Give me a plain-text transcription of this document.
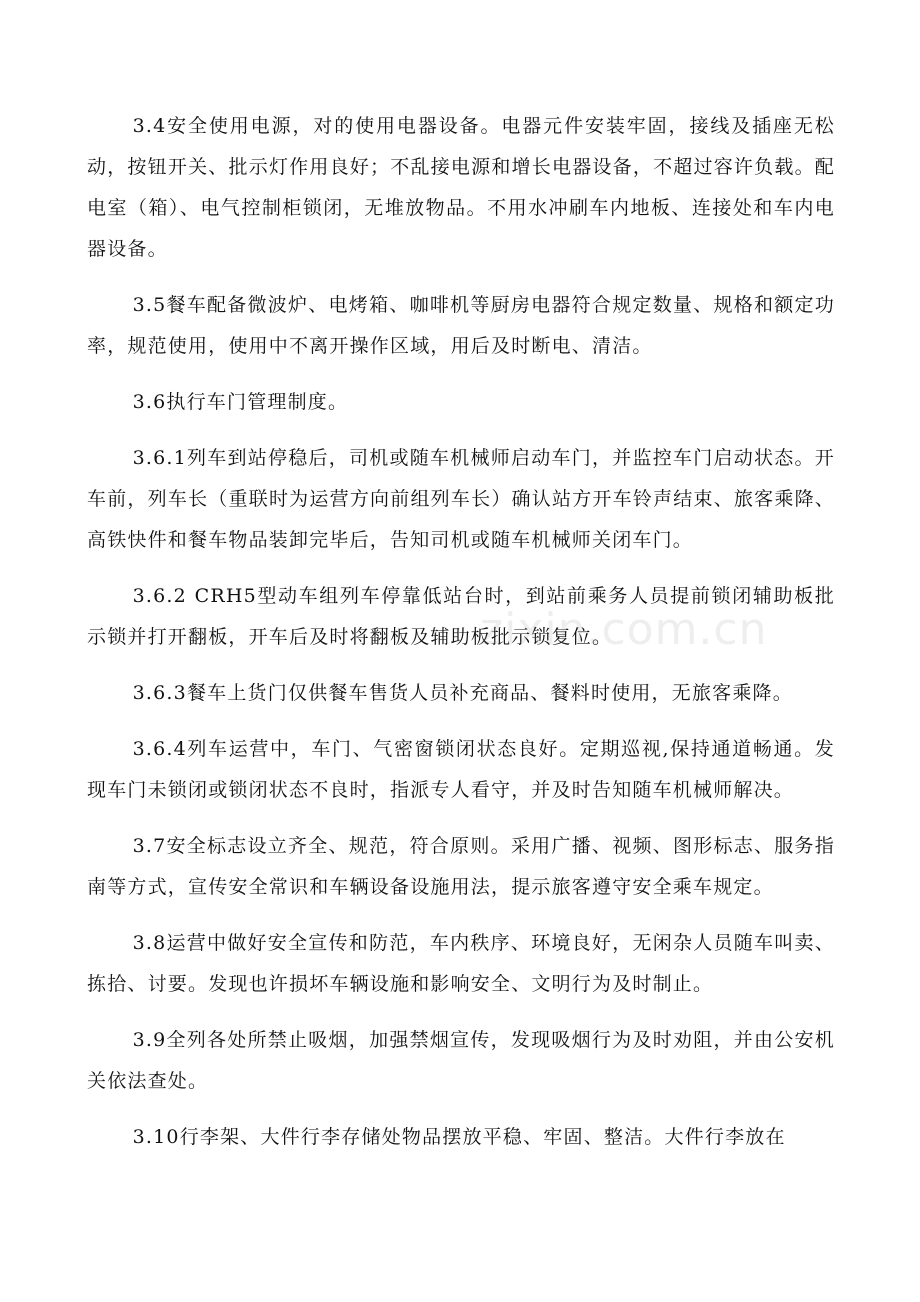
3.4安全使用电源，对的使用电器设备。电器元件安装牢固，接线及插座无松动，按钮开关、批示灯作用良好；不乱接电源和增长电器设备，不超过容许负载。配电室（箱）、电气控制柜锁闭，无堆放物品。不用水冲刷车内地板、连接处和车内电器设备。

3.5餐车配备微波炉、电烤箱、咖啡机等厨房电器符合规定数量、规格和额定功率，规范使用，使用中不离开操作区域，用后及时断电、清洁。

3.6执行车门管理制度。

3.6.1列车到站停稳后，司机或随车机械师启动车门，并监控车门启动状态。开车前，列车长（重联时为运营方向前组列车长）确认站方开车铃声结束、旅客乘降、高铁快件和餐车物品装卸完毕后，告知司机或随车机械师关闭车门。

3.6.2 CRH5型动车组列车停靠低站台时，到站前乘务人员提前锁闭辅助板批示锁并打开翻板，开车后及时将翻板及辅助板批示锁复位。

3.6.3餐车上货门仅供餐车售货人员补充商品、餐料时使用，无旅客乘降。

3.6.4列车运营中，车门、气密窗锁闭状态良好。定期巡视,保持通道畅通。发现车门未锁闭或锁闭状态不良时，指派专人看守，并及时告知随车机械师解决。

3.7安全标志设立齐全、规范，符合原则。采用广播、视频、图形标志、服务指南等方式，宣传安全常识和车辆设备设施用法，提示旅客遵守安全乘车规定。

3.8运营中做好安全宣传和防范，车内秩序、环境良好，无闲杂人员随车叫卖、拣拾、讨要。发现也许损坏车辆设施和影响安全、文明行为及时制止。

3.9全列各处所禁止吸烟，加强禁烟宣传，发现吸烟行为及时劝阻，并由公安机关依法查处。

3.10行李架、大件行李存储处物品摆放平稳、牢固、整洁。大件行李放在

zixin.com.cn
